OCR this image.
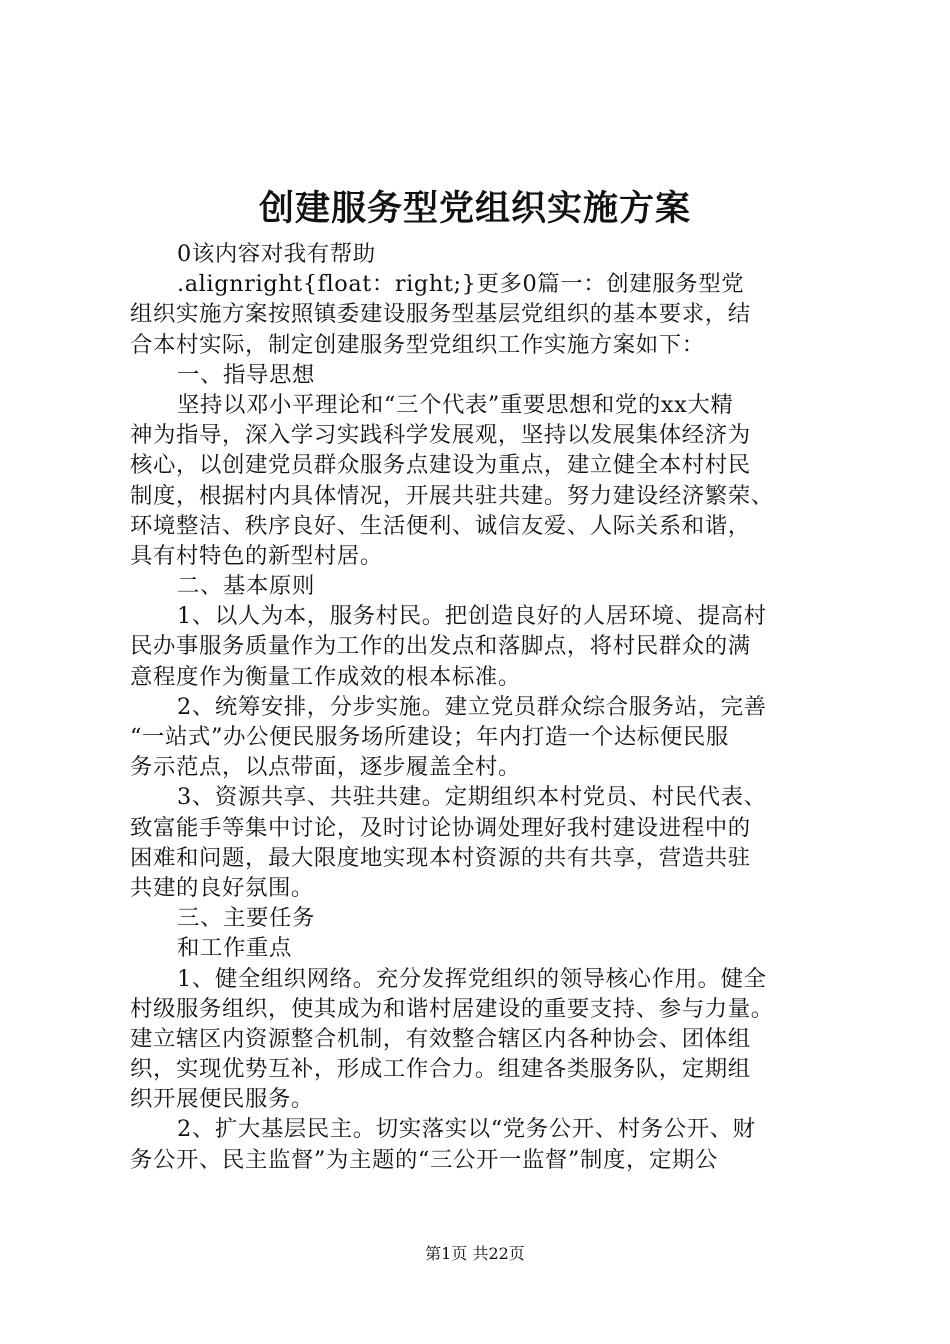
创建服务型党组织实施方案
0该内容对我有帮助
.alignright{float：right;}更多0篇一：创建服务型党
组织实施方案按照镇委建设服务型基层党组织的基本要求，结
合本村实际，制定创建服务型党组织工作实施方案如下：
一、指导思想
坚持以邓小平理论和“三个代表”重要思想和党的xx大精
神为指导，深入学习实践科学发展观，坚持以发展集体经济为
核心，以创建党员群众服务点建设为重点，建立健全本村村民
制度，根据村内具体情况，开展共驻共建。努力建设经济繁荣、
环境整洁、秩序良好、生活便利、诚信友爱、人际关系和谐，
具有村特色的新型村居。
二、基本原则
1、以人为本，服务村民。把创造良好的人居环境、提高村
民办事服务质量作为工作的出发点和落脚点，将村民群众的满
意程度作为衡量工作成效的根本标准。
2、统筹安排，分步实施。建立党员群众综合服务站，完善
“一站式”办公便民服务场所建设；年内打造一个达标便民服
务示范点，以点带面，逐步履盖全村。
3、资源共享、共驻共建。定期组织本村党员、村民代表、
致富能手等集中讨论，及时讨论协调处理好我村建设进程中的
困难和问题，最大限度地实现本村资源的共有共享，营造共驻
共建的良好氛围。
三、主要任务
和工作重点
1、健全组织网络。充分发挥党组织的领导核心作用。健全
村级服务组织，使其成为和谐村居建设的重要支持、参与力量。
建立辖区内资源整合机制，有效整合辖区内各种协会、团体组
织，实现优势互补，形成工作合力。组建各类服务队，定期组
织开展便民服务。
2、扩大基层民主。切实落实以“党务公开、村务公开、财
务公开、民主监督”为主题的“三公开一监督”制度，定期公
第1页 共22页
